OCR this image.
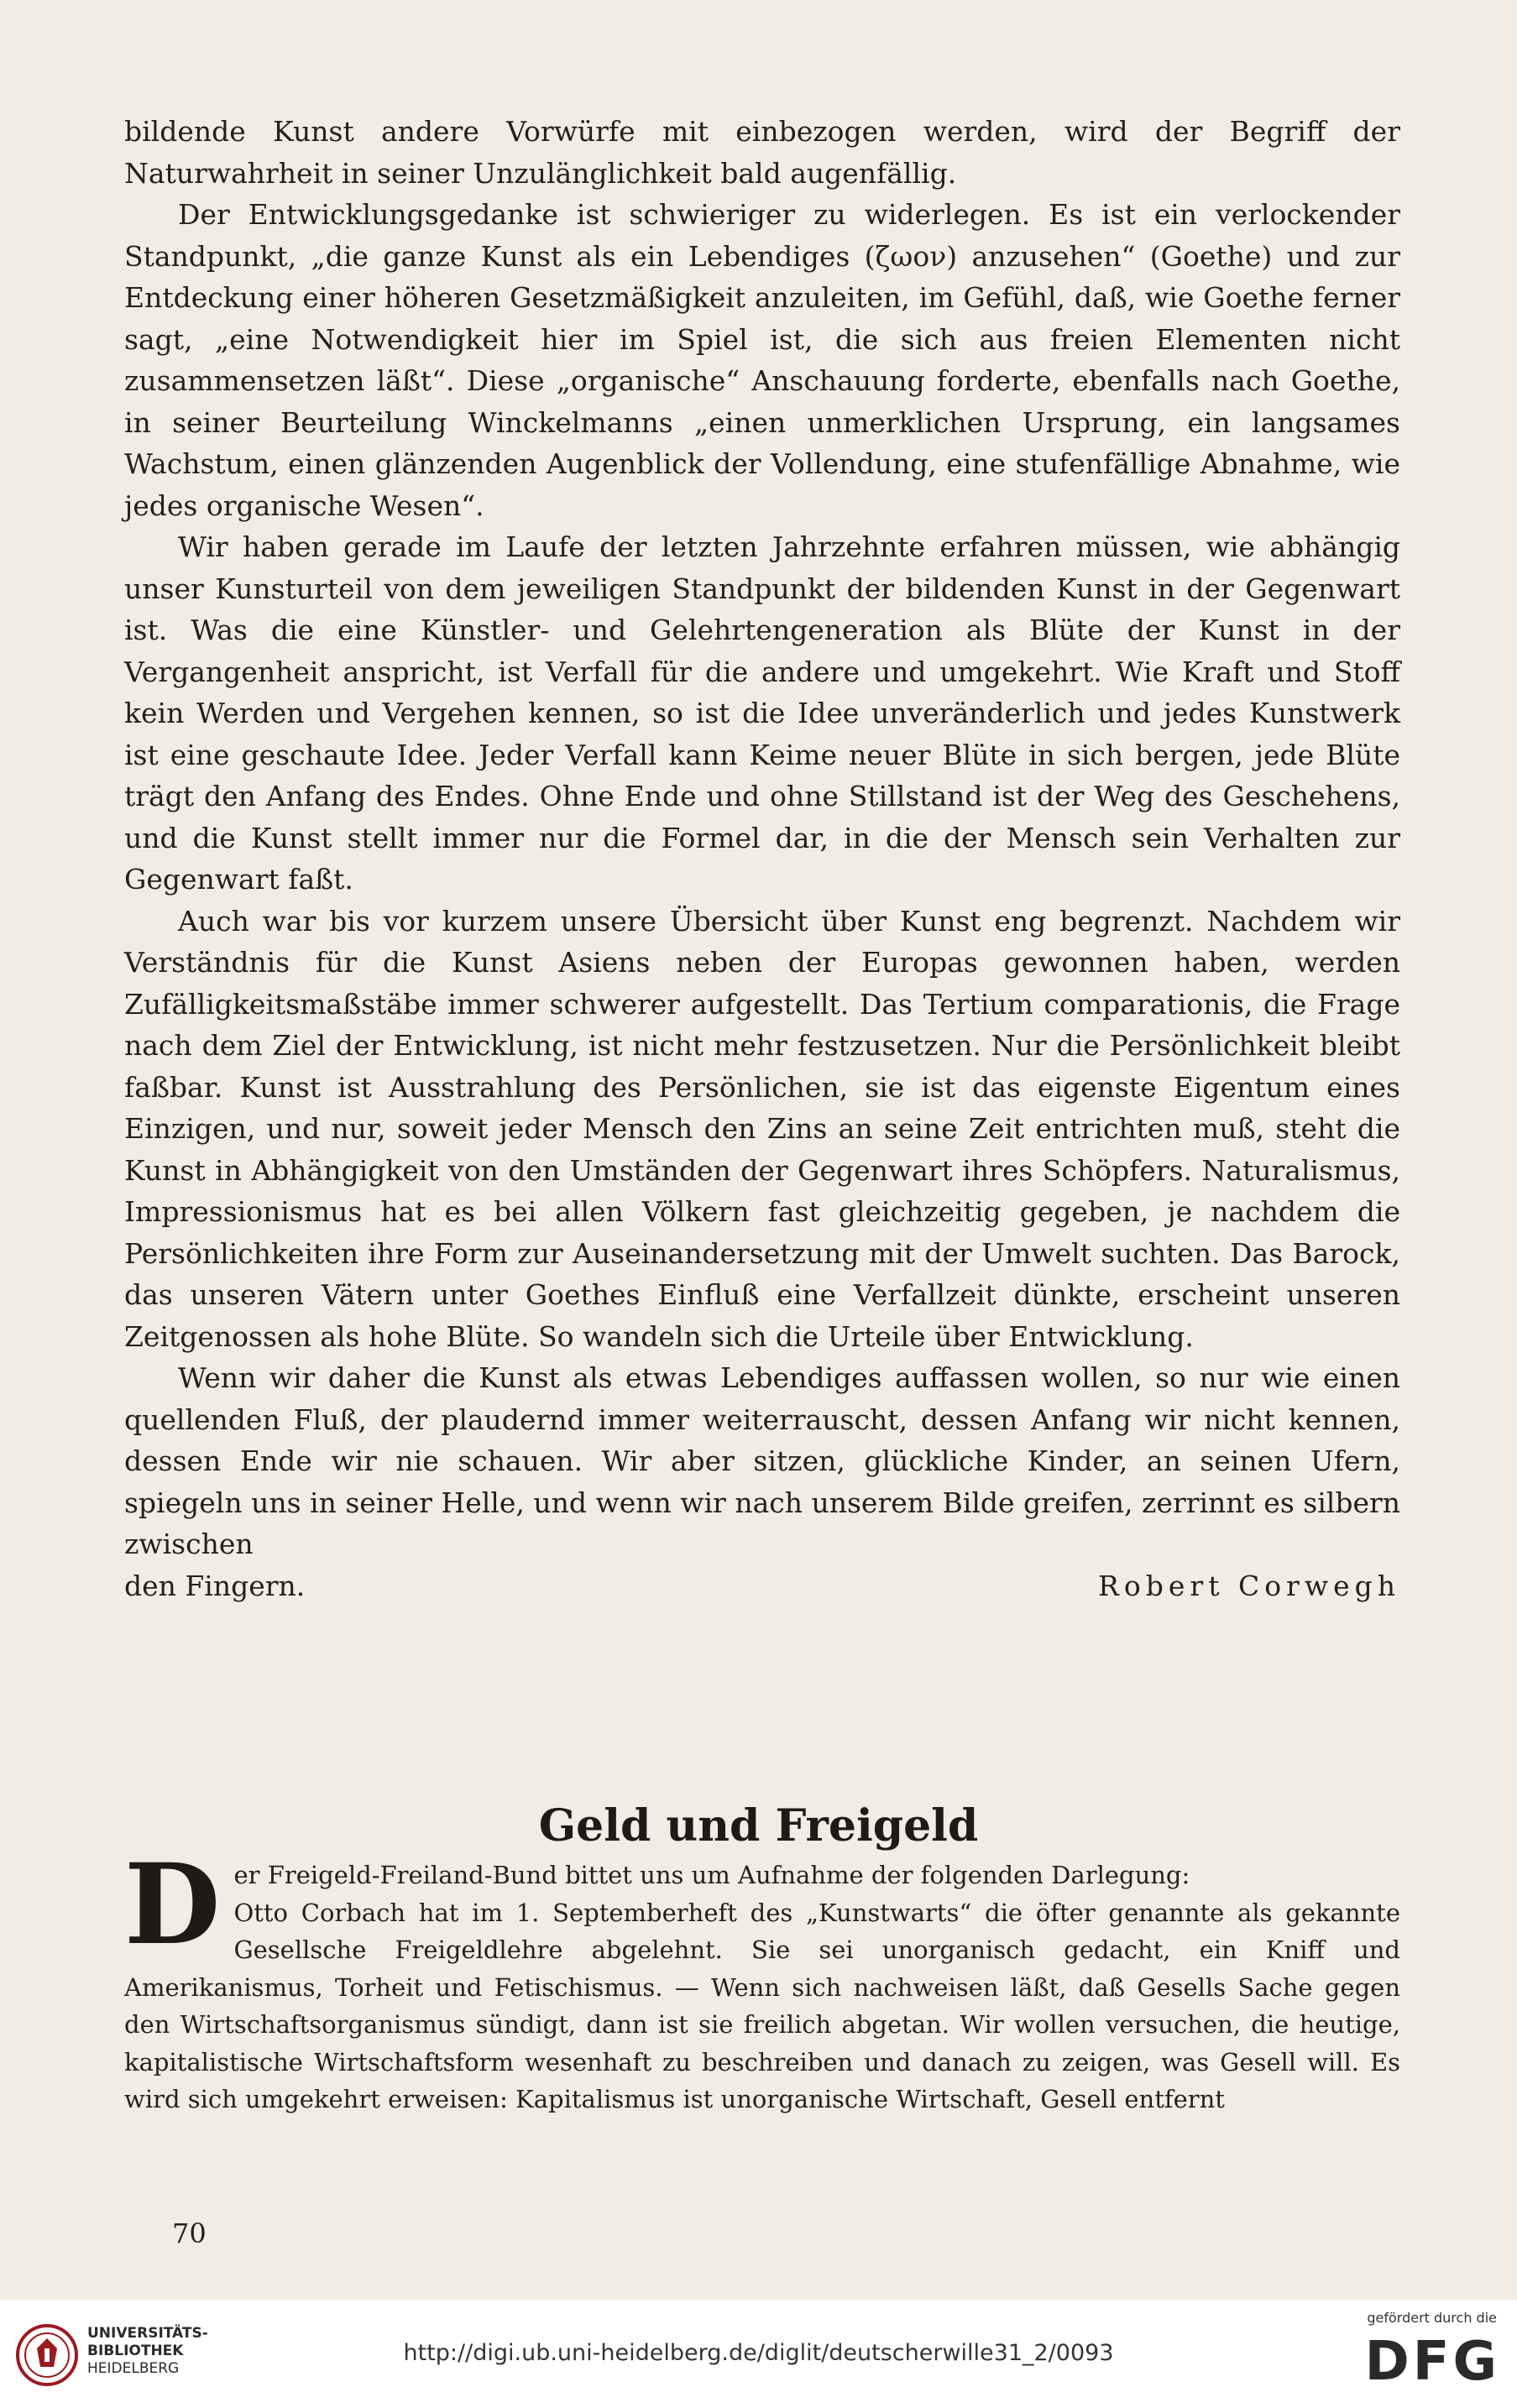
bildende Kunst andere Vorwürfe mit einbezogen werden, wird der Begriff der Naturwahrheit in seiner Unzulänglichkeit bald augenfällig.

Der Entwicklungsgedanke ist schwieriger zu widerlegen. Es ist ein verlockender Standpunkt, „die ganze Kunst als ein Lebendiges (ζωον) anzusehen“ (Goethe) und zur Entdeckung einer höheren Gesetzmäßigkeit anzuleiten, im Gefühl, daß, wie Goethe ferner sagt, „eine Notwendigkeit hier im Spiel ist, die sich aus freien Elementen nicht zusammensetzen läßt“. Diese „organische“ Anschauung forderte, ebenfalls nach Goethe, in seiner Beurteilung Winckelmanns „einen unmerklichen Ursprung, ein langsames Wachstum, einen glänzenden Augenblick der Vollendung, eine stufenfällige Abnahme, wie jedes organische Wesen“.

Wir haben gerade im Laufe der letzten Jahrzehnte erfahren müssen, wie abhängig unser Kunsturteil von dem jeweiligen Standpunkt der bildenden Kunst in der Gegenwart ist. Was die eine Künstler- und Gelehrtengeneration als Blüte der Kunst in der Vergangenheit anspricht, ist Verfall für die andere und umgekehrt. Wie Kraft und Stoff kein Werden und Vergehen kennen, so ist die Idee unveränderlich und jedes Kunstwerk ist eine geschaute Idee. Jeder Verfall kann Keime neuer Blüte in sich bergen, jede Blüte trägt den Anfang des Endes. Ohne Ende und ohne Stillstand ist der Weg des Geschehens, und die Kunst stellt immer nur die Formel dar, in die der Mensch sein Verhalten zur Gegenwart faßt.

Auch war bis vor kurzem unsere Übersicht über Kunst eng begrenzt. Nachdem wir Verständnis für die Kunst Asiens neben der Europas gewonnen haben, werden Zufälligkeitsmaßstäbe immer schwerer aufgestellt. Das Tertium comparationis, die Frage nach dem Ziel der Entwicklung, ist nicht mehr festzusetzen. Nur die Persönlichkeit bleibt faßbar. Kunst ist Ausstrahlung des Persönlichen, sie ist das eigenste Eigentum eines Einzigen, und nur, soweit jeder Mensch den Zins an seine Zeit entrichten muß, steht die Kunst in Abhängigkeit von den Umständen der Gegenwart ihres Schöpfers. Naturalismus, Impressionismus hat es bei allen Völkern fast gleichzeitig gegeben, je nachdem die Persönlichkeiten ihre Form zur Auseinandersetzung mit der Umwelt suchten. Das Barock, das unseren Vätern unter Goethes Einfluß eine Verfallzeit dünkte, erscheint unseren Zeitgenossen als hohe Blüte. So wandeln sich die Urteile über Entwicklung.

Wenn wir daher die Kunst als etwas Lebendiges auffassen wollen, so nur wie einen quellenden Fluß, der plaudernd immer weiterrauscht, dessen Anfang wir nicht kennen, dessen Ende wir nie schauen. Wir aber sitzen, glückliche Kinder, an seinen Ufern, spiegeln uns in seiner Helle, und wenn wir nach unserem Bilde greifen, zerrinnt es silbern zwischen

den Fingern.	Robert Corwegh

Geld und Freigeld
D er Freigeld-Freiland-Bund bittet uns um Aufnahme der folgenden Darlegung:

Otto Corbach hat im 1. Septemberheft des „Kunstwarts“ die öfter genannte als gekannte Gesellsche Freigeldlehre abgelehnt. Sie sei unorganisch gedacht, ein Kniff und Amerikanismus, Torheit und Fetischismus. — Wenn sich nachweisen läßt, daß Gesells Sache gegen den Wirtschaftsorganismus sündigt, dann ist sie freilich abgetan. Wir wollen versuchen, die heutige, kapitalistische Wirtschaftsform wesenhaft zu beschreiben und danach zu zeigen, was Gesell will. Es wird sich umgekehrt erweisen: Kapitalismus ist unorganische Wirtschaft, Gesell entfernt

70

UNIVERSITÄTS-
BIBLIOTHEK
HEIDELBERG
http://digi.ub.uni-heidelberg.de/diglit/deutscherwille31_2/0093
gefördert durch die
DFG
